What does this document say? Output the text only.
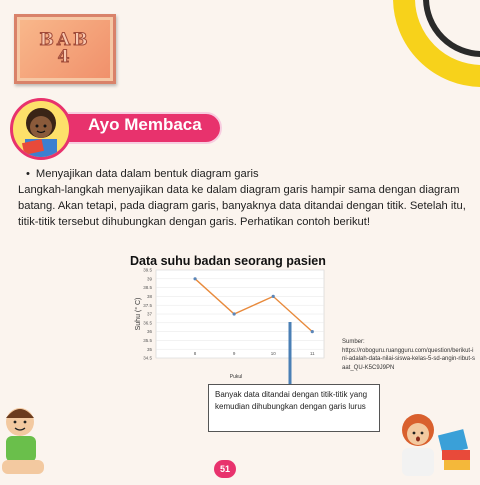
BAB
4
Ayo Membaca
• Menyajikan data dalam bentuk diagram garis

Langkah-langkah menyajikan data ke dalam diagram garis hampir sama dengan diagram batang. Akan tetapi, pada diagram garis, banyaknya data ditandai dengan titik. Setelah itu, titik-titik tersebut dihubungkan dengan garis. Perhatikan contoh berikut!

Data suhu badan seorang pasien
34.5
35
35.5
36
36.5
37
37.5
38
38.5
39
39.5
8	9	10	11
Pukul
Suhu (° C)
Sumber:
https://roboguru.ruangguru.com/question/berikut-ini-adalah-data-nilai-siswa-kelas-5-sd-angin-ribut-saat_QU-K5C9J9PN
Banyak data ditandai dengan titik-titik yang kemudian dihubungkan dengan garis lurus
51
